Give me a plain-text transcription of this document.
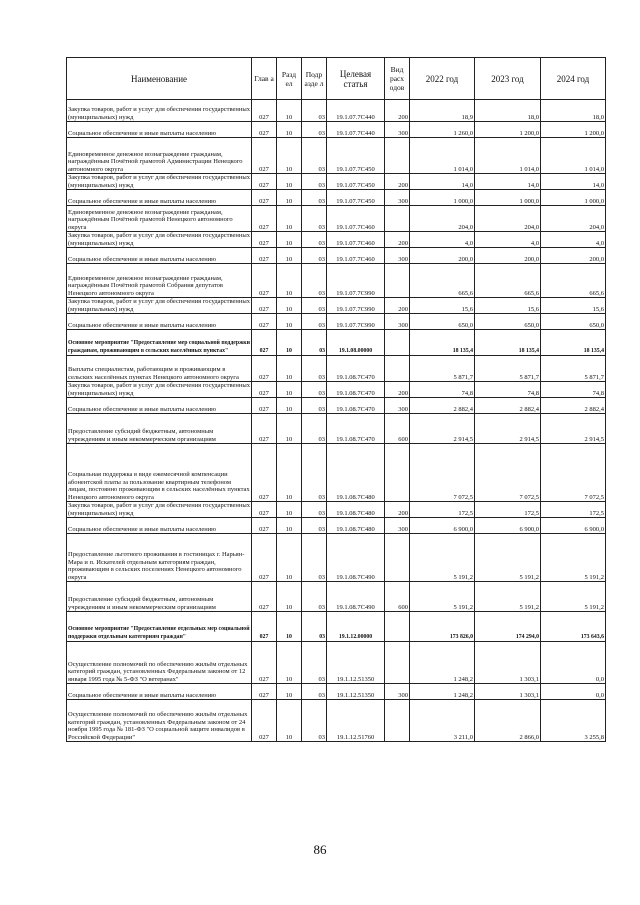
Наименование	Глав а	Разд ел	Подр азде л	Целевая статья	Вид расх одов	2022 год	2023 год	2024 год
Закупка товаров, работ и услуг для обеспечения государственных (муниципальных) нужд	027	10	03	19.1.07.7С440	200	18,9	18,0	18,0
Социальное обеспечение и иные выплаты населению	027	10	03	19.1.07.7С440	300	1 260,0	1 200,0	1 200,0
Единовременное денежное вознаграждение гражданам, награждённым Почётной грамотой Администрации Ненецкого автономного округа	027	10	03	19.1.07.7С450		1 014,0	1 014,0	1 014,0
Закупка товаров, работ и услуг для обеспечения государственных (муниципальных) нужд	027	10	03	19.1.07.7С450	200	14,0	14,0	14,0
Социальное обеспечение и иные выплаты населению	027	10	03	19.1.07.7С450	300	1 000,0	1 000,0	1 000,0
Единовременное денежное вознаграждение гражданам, награждённым Почётной грамотой Ненецкого автономного округа	027	10	03	19.1.07.7С460		204,0	204,0	204,0
Закупка товаров, работ и услуг для обеспечения государственных (муниципальных) нужд	027	10	03	19.1.07.7С460	200	4,0	4,0	4,0
Социальное обеспечение и иные выплаты населению	027	10	03	19.1.07.7С460	300	200,0	200,0	200,0
Единовременное денежное вознаграждение гражданам, награждённым Почётной грамотой Собрания депутатов Ненецкого автономного округа	027	10	03	19.1.07.7С990		665,6	665,6	665,6
Закупка товаров, работ и услуг для обеспечения государственных (муниципальных) нужд	027	10	03	19.1.07.7С990	200	15,6	15,6	15,6
Социальное обеспечение и иные выплаты населению	027	10	03	19.1.07.7С990	300	650,0	650,0	650,0
Основное мероприятие "Предоставление мер социальной поддержки гражданам, проживающим в сельских населённых пунктах"	027	10	03	19.1.08.00000		18 135,4	18 135,4	18 135,4
Выплаты специалистам, работающим и проживающим в сельских населённых пунктах Ненецкого автономного округа	027	10	03	19.1.08.7С470		5 871,7	5 871,7	5 871,7
Закупка товаров, работ и услуг для обеспечения государственных (муниципальных) нужд	027	10	03	19.1.08.7С470	200	74,8	74,8	74,8
Социальное обеспечение и иные выплаты населению	027	10	03	19.1.08.7С470	300	2 882,4	2 882,4	2 882,4
Предоставление субсидий бюджетным, автономным учреждениям и иным некоммерческим организациям	027	10	03	19.1.08.7С470	600	2 914,5	2 914,5	2 914,5
Социальная поддержка в виде ежемесячной компенсации абонентской платы за пользование квартирным телефоном лицам, постоянно проживающим в сельских населённых пунктах Ненецкого автономного округа	027	10	03	19.1.08.7С480		7 072,5	7 072,5	7 072,5
Закупка товаров, работ и услуг для обеспечения государственных (муниципальных) нужд	027	10	03	19.1.08.7С480	200	172,5	172,5	172,5
Социальное обеспечение и иные выплаты населению	027	10	03	19.1.08.7С480	300	6 900,0	6 900,0	6 900,0
Предоставление льготного проживания в гостиницах г. Нарьян-Мара и п. Искателей отдельным категориям граждан, проживающим в сельских поселениях Ненецкого автономного округа	027	10	03	19.1.08.7С490		5 191,2	5 191,2	5 191,2
Предоставление субсидий бюджетным, автономным учреждениям и иным некоммерческим организациям	027	10	03	19.1.08.7С490	600	5 191,2	5 191,2	5 191,2
Основное мероприятие "Предоставление отдельных мер социальной поддержки отдельным категориям граждан"	027	10	03	19.1.12.00000		173 826,0	174 294,0	173 643,6
Осуществление полномочий по обеспечению жильём отдельных категорий граждан, установленных Федеральным законом от 12 января 1995 года № 5-ФЗ "О ветеранах"	027	10	03	19.1.12.51350		1 248,2	1 303,1	0,0
Социальное обеспечение и иные выплаты населению	027	10	03	19.1.12.51350	300	1 248,2	1 303,1	0,0
Осуществление полномочий по обеспечению жильём отдельных категорий граждан, установленных Федеральным законом от 24 ноября 1995 года № 181-ФЗ "О социальной защите инвалидов в Российской Федерации"	027	10	03	19.1.12.51760		3 211,0	2 866,0	3 255,8
86
